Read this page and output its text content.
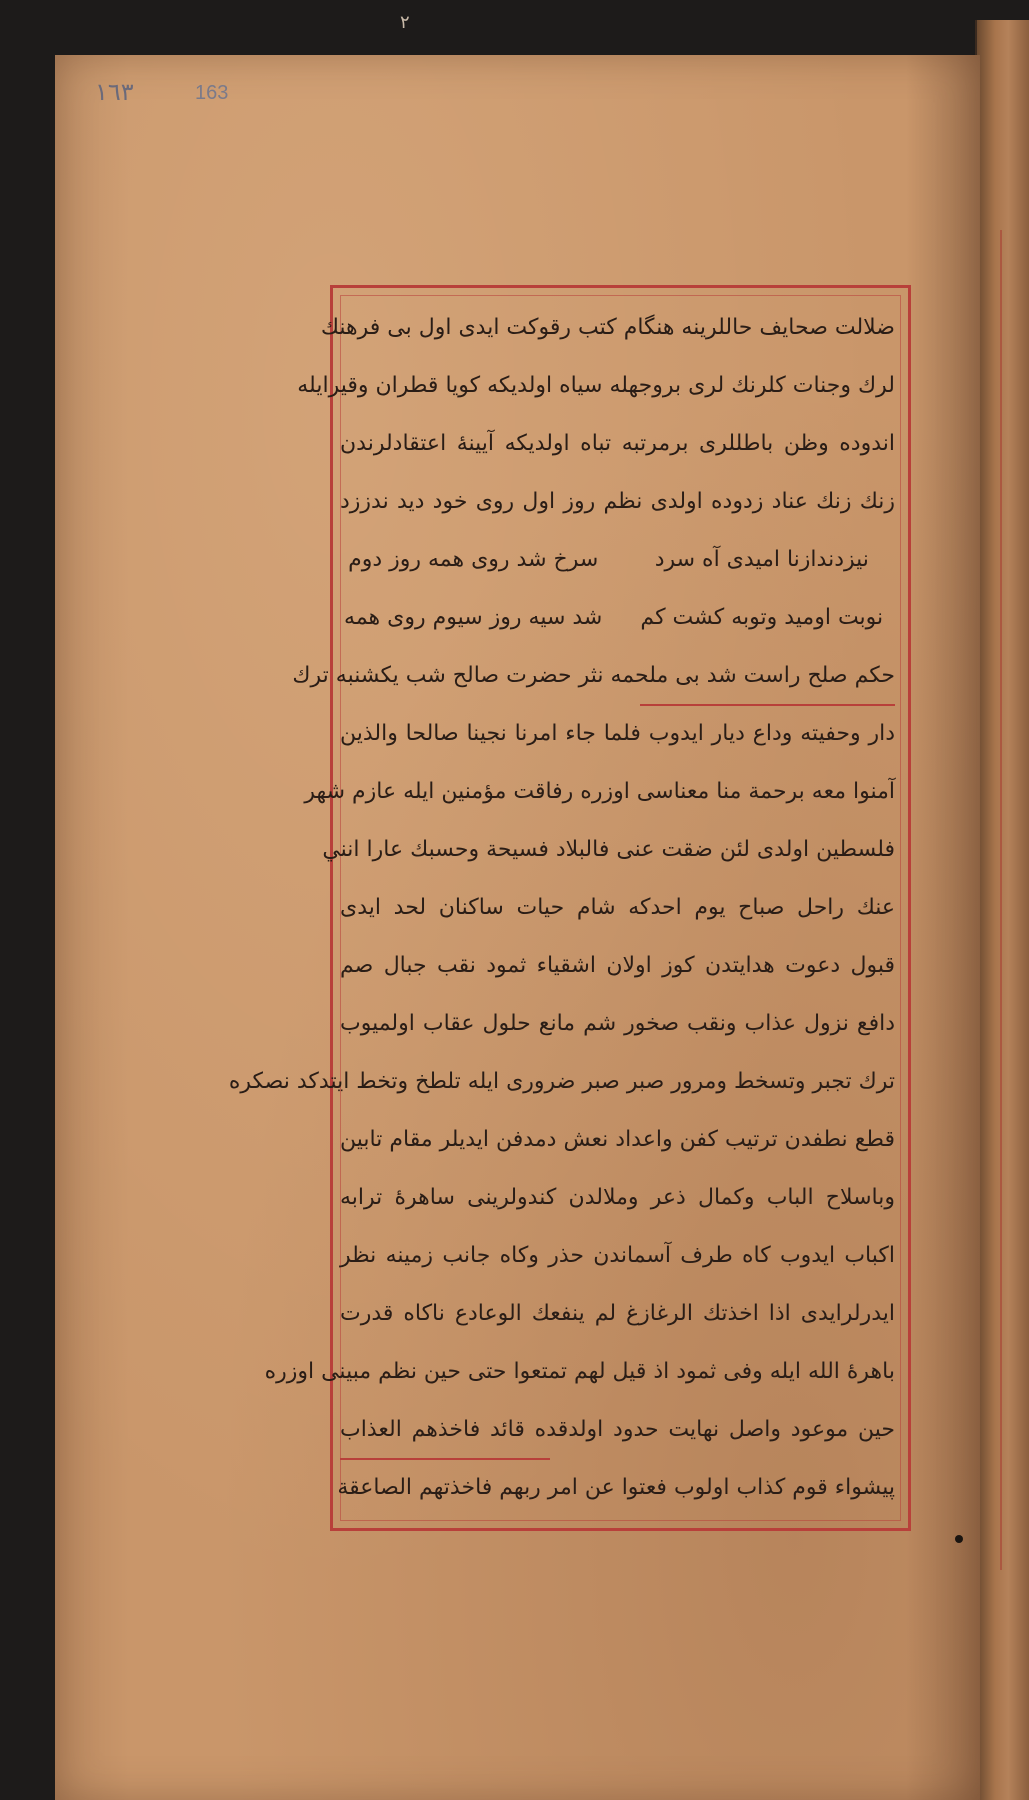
٢
١٦٣	163
ضلالت صحایف حاللرینه هنگام کتب رقوکت ایدی اول بی فرهنك
لرك وجنات کلرنك لری بروجهله سیاه اولدیکه کویا قطران وقیرایله
اندوده وظن باطللری برمرتبه تباه اولدیکه آیینهٔ اعتقادلرندن
زنك زنك عناد زدوده اولدی نظم روز اول روی خود دید ندززد
نیزدندازنا امیدی آه سرد
سرخ شد روی همه روز دوم
نوبت اومید وتوبه کشت کم
شد سیه روز سیوم روی همه
حکم صلح راست شد بی ملحمه نثر حضرت صالح شب یکشنبه ترك
دار وحفیته وداع دیار ایدوب فلما جاء امرنا نجینا صالحا والذین
آمنوا معه برحمة منا معناسی اوزره رفاقت مؤمنین ایله عازم شهر
فلسطین اولدی لئن ضقت عنی فالبلاد فسیحة وحسبك عارا انني
عنك راحل صباح یوم احدکه شام حیات ساکنان لحد ایدی
قبول دعوت هدایتدن کوز اولان اشقیاء ثمود نقب جبال صم
دافع نزول عذاب ونقب صخور شم مانع حلول عقاب اولمیوب
ترك تجبر وتسخط ومرور صبر صبر ضروری ایله تلطخ وتخط ایتدکد نصکره
قطع نطفدن ترتیب کفن واعداد نعش دمدفن ایدیلر مقام تابین
وباسلاح الباب وکمال ذعر وملالدن کندولرینی ساهرهٔ ترابه
اکباب ایدوب کاه طرف آسماندن حذر وکاه جانب زمینه نظر
ایدرلرایدی اذا اخذتك الرغازغ لم ینفعك الوعادع ناکاه قدرت
باهرهٔ الله ایله وفی ثمود اذ قیل لهم تمتعوا حتی حین نظم مبینی اوزره
حین موعود واصل نهایت حدود اولدقده قائد فاخذهم العذاب
پیشواء قوم کذاب اولوب فعتوا عن امر ربهم فاخذتهم الصاعقة
